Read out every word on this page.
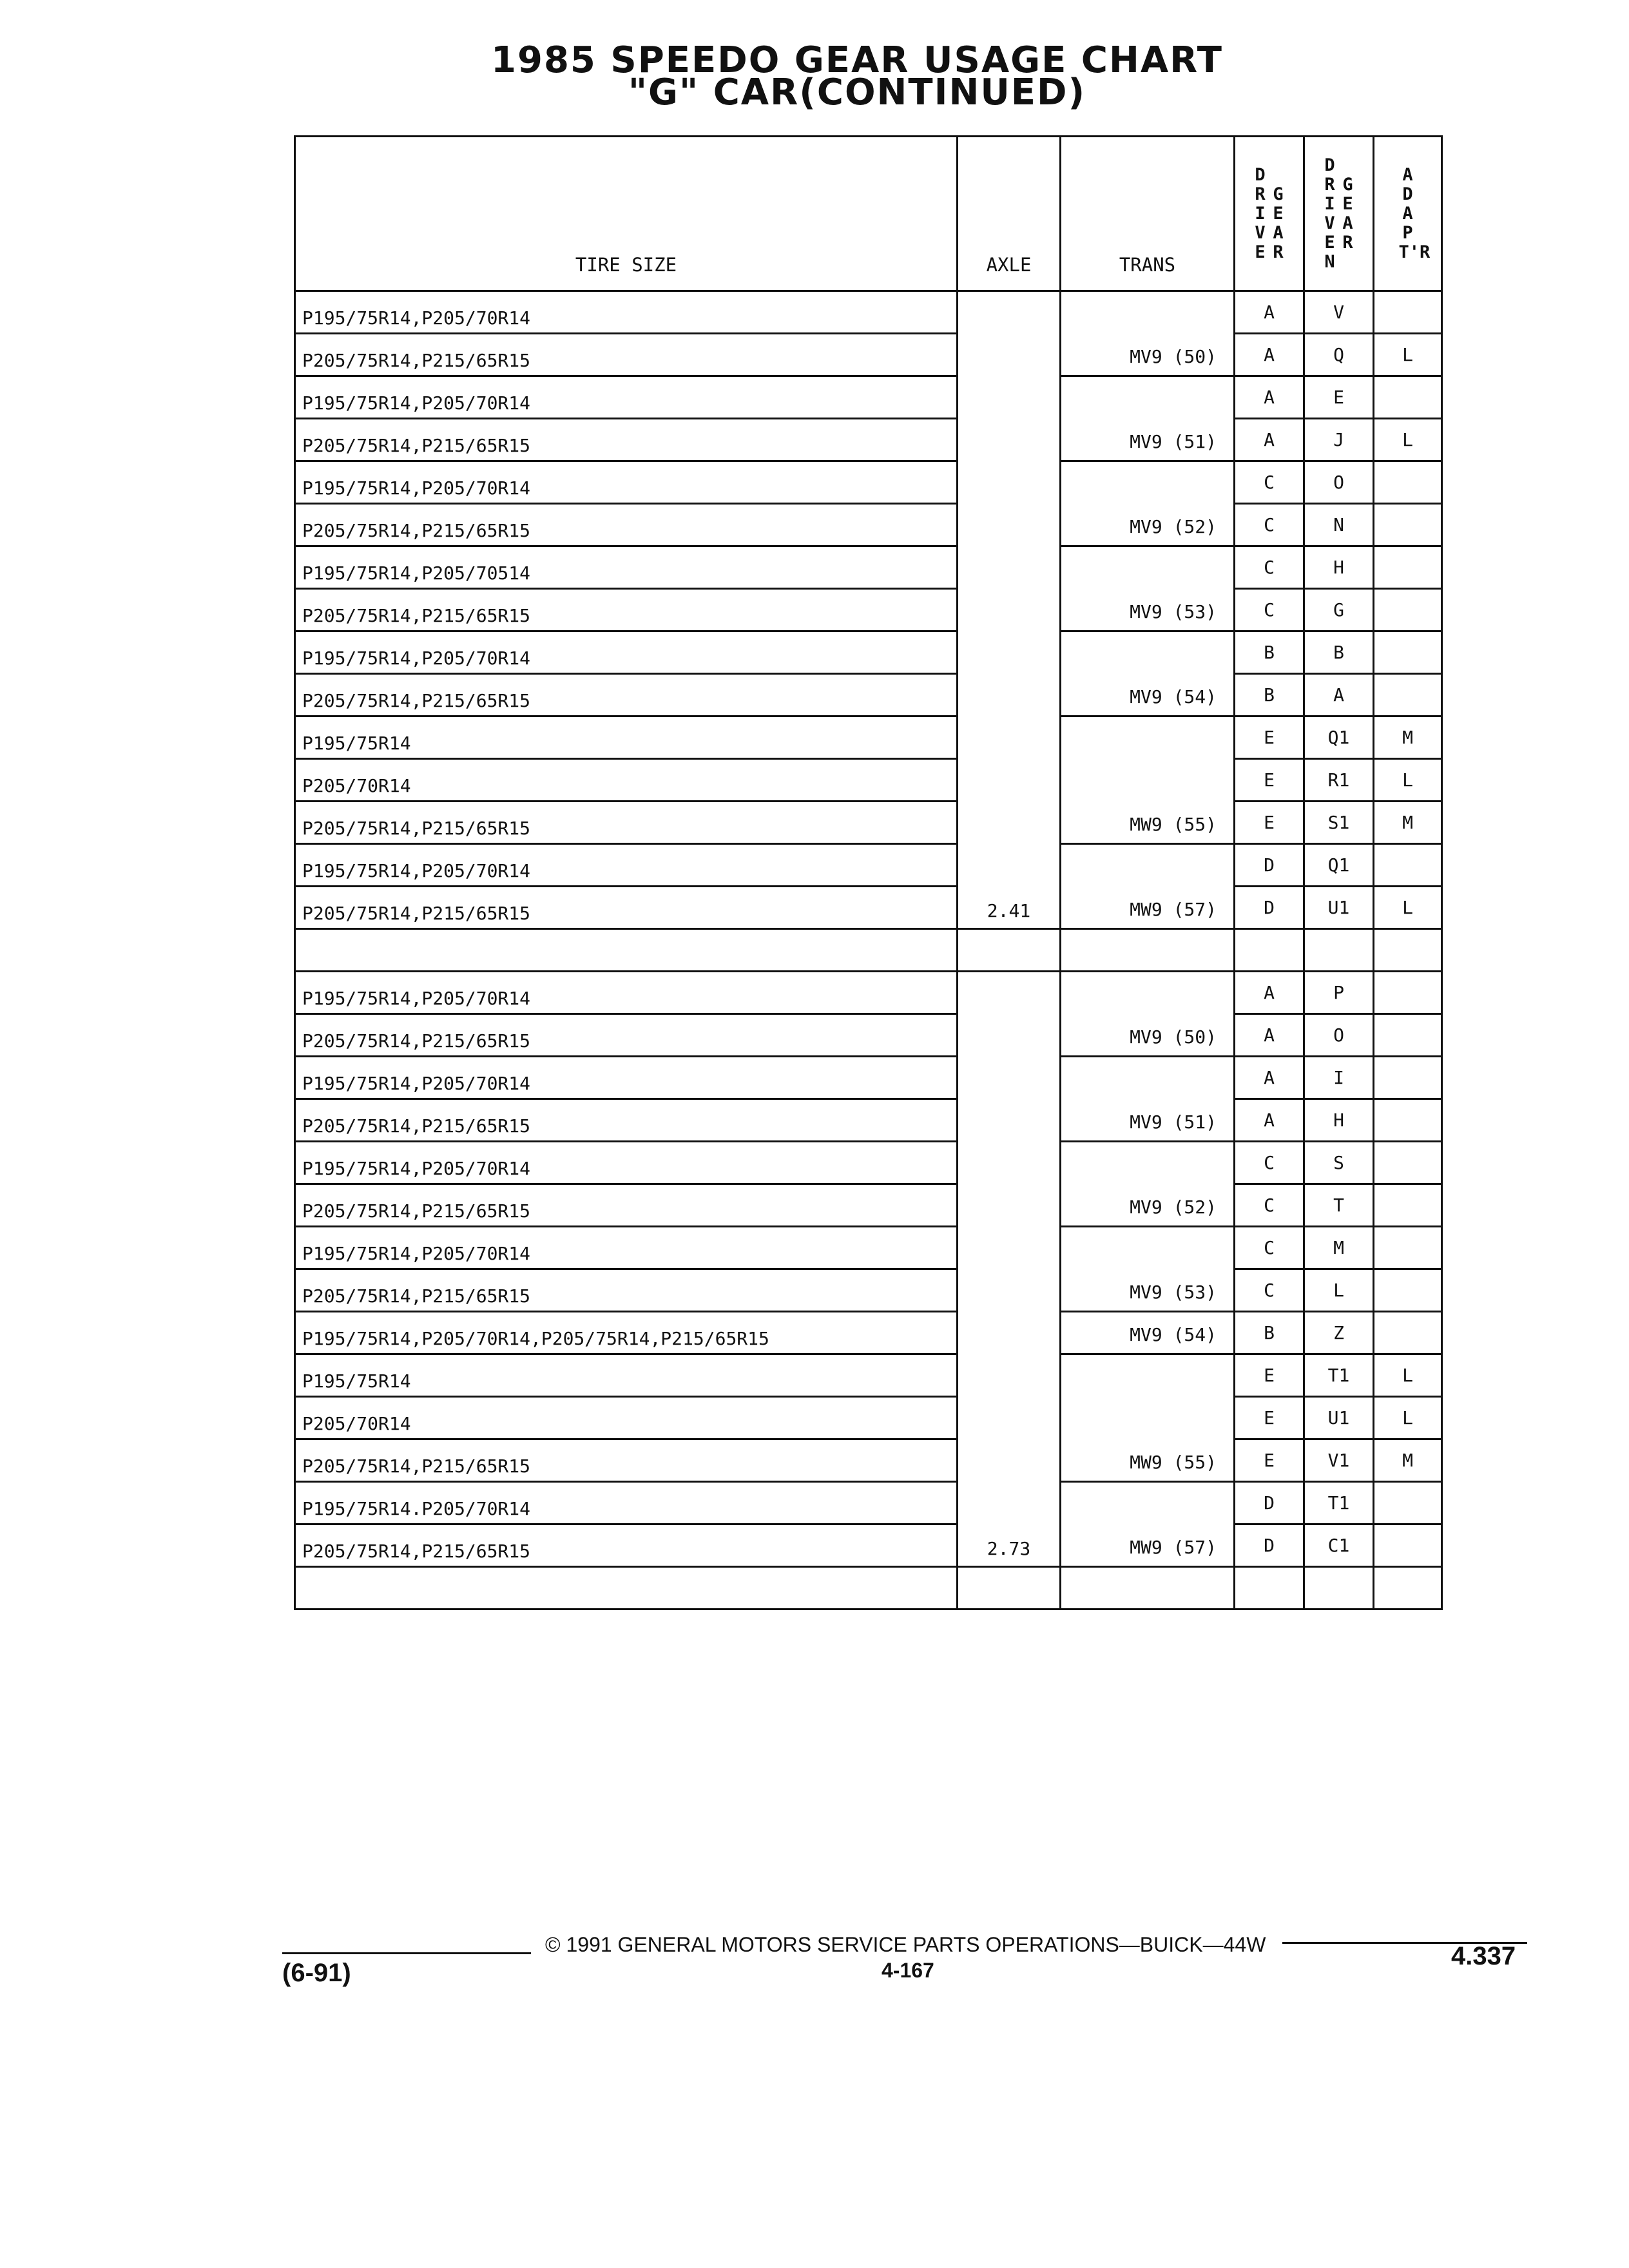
1985 SPEEDO GEAR USAGE CHART
"G" CAR(CONTINUED)
TIRE SIZE	AXLE	TRANS	DRIVEGEAR	DRIVENGEAR	ADAPT'R
P195/75R14,P205/70R14	2.41	MV9 (50)	A	V	
P205/75R14,P215/65R15			A	Q	L
P195/75R14,P205/70R14		MV9 (51)	A	E	
P205/75R14,P215/65R15			A	J	L
P195/75R14,P205/70R14		MV9 (52)	C	O	
P205/75R14,P215/65R15			C	N	
P195/75R14,P205/70514		MV9 (53)	C	H	
P205/75R14,P215/65R15			C	G	
P195/75R14,P205/70R14		MV9 (54)	B	B	
P205/75R14,P215/65R15			B	A	
P195/75R14		MW9 (55)	E	Q1	M
P205/70R14			E	R1	L
P205/75R14,P215/65R15			E	S1	M
P195/75R14,P205/70R14		MW9 (57)	D	Q1	
P205/75R14,P215/65R15			D	U1	L

P195/75R14,P205/70R14	2.73	MV9 (50)	A	P	
P205/75R14,P215/65R15			A	O	
P195/75R14,P205/70R14		MV9 (51)	A	I	
P205/75R14,P215/65R15			A	H	
P195/75R14,P205/70R14		MV9 (52)	C	S	
P205/75R14,P215/65R15			C	T	
P195/75R14,P205/70R14		MV9 (53)	C	M	
P205/75R14,P215/65R15			C	L	
P195/75R14,P205/70R14,P205/75R14,P215/65R15		MV9 (54)	B	Z	
P195/75R14		MW9 (55)	E	T1	L
P205/70R14			E	U1	L
P205/75R14,P215/65R15			E	V1	M
P195/75R14.P205/70R14		MW9 (57)	D	T1	
P205/75R14,P215/65R15			D	C1	

© 1991 GENERAL MOTORS SERVICE PARTS OPERATIONS—BUICK—44W
4-167
(6-91)
4.337
